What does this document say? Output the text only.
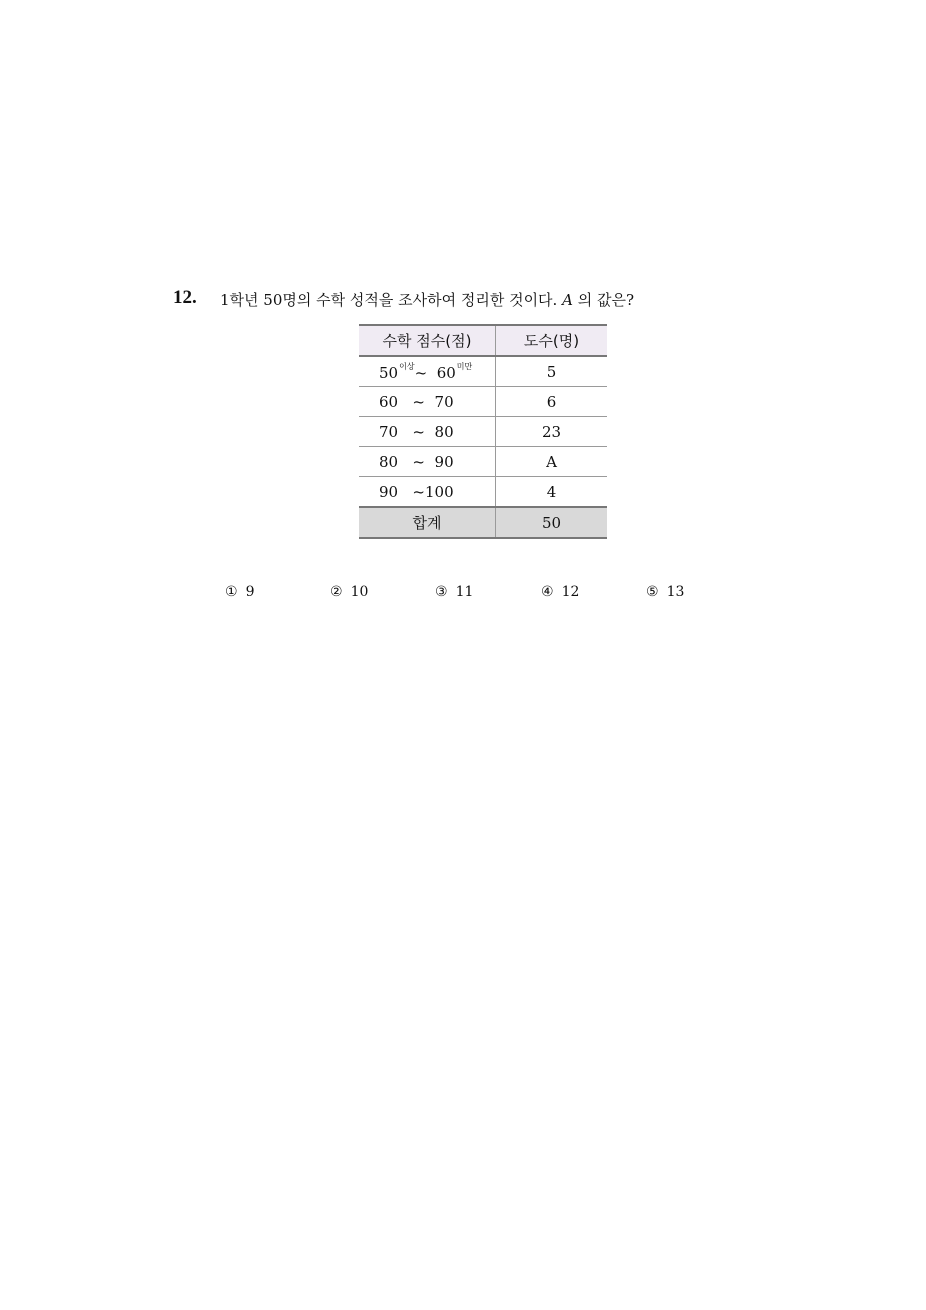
12. 1학년 50명의 수학 성적을 조사하여 정리한 것이다. A 의 값은?
수학 점수(점)	도수(명)
$50^{이상}\sim$ $60^{미만}$	5
60 ~ 70	6
70 ~ 80	23
80 ~ 90	A
90 ~100	4
합계	50
① 9	② 10	③ 11	④ 12	⑤ 13
